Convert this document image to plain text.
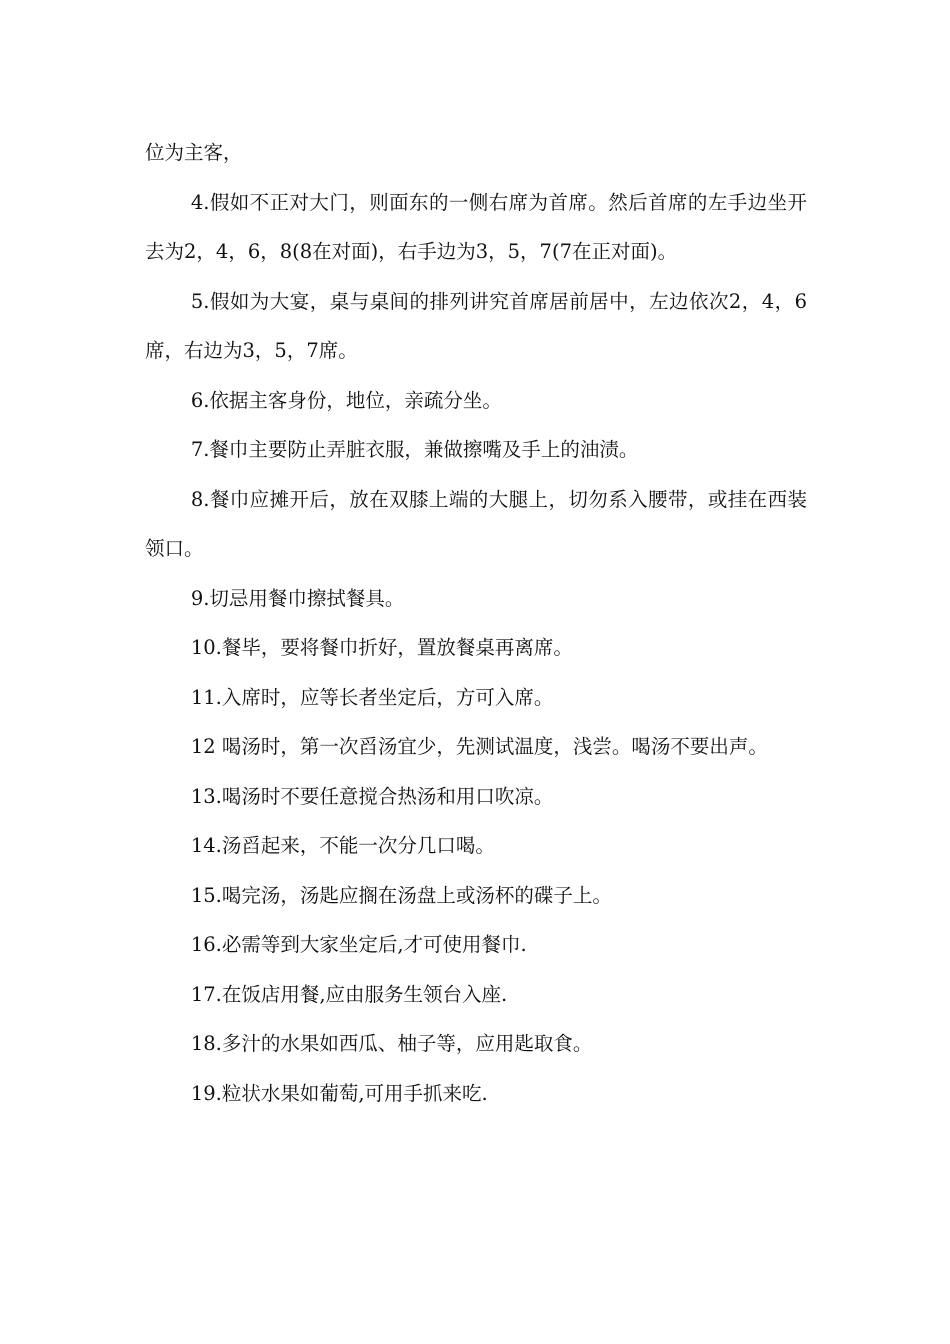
位为主客，

4.假如不正对大门，则面东的一侧右席为首席。然后首席的左手边坐开去为2，4，6，8(8在对面)，右手边为3，5，7(7在正对面)。

5.假如为大宴，桌与桌间的排列讲究首席居前居中，左边依次2，4，6席，右边为3，5，7席。

6.依据主客身份，地位，亲疏分坐。

7.餐巾主要防止弄脏衣服，兼做擦嘴及手上的油渍。

8.餐巾应摊开后，放在双膝上端的大腿上，切勿系入腰带，或挂在西装领口。

9.切忌用餐巾擦拭餐具。

10.餐毕，要将餐巾折好，置放餐桌再离席。

11.入席时，应等长者坐定后，方可入席。

12 喝汤时，第一次舀汤宜少，先测试温度，浅尝。喝汤不要出声。

13.喝汤时不要任意搅合热汤和用口吹凉。

14.汤舀起来，不能一次分几口喝。

15.喝完汤，汤匙应搁在汤盘上或汤杯的碟子上。

16.必需等到大家坐定后,才可使用餐巾.

17.在饭店用餐,应由服务生领台入座.

18.多汁的水果如西瓜、柚子等，应用匙取食。

19.粒状水果如葡萄,可用手抓来吃.
